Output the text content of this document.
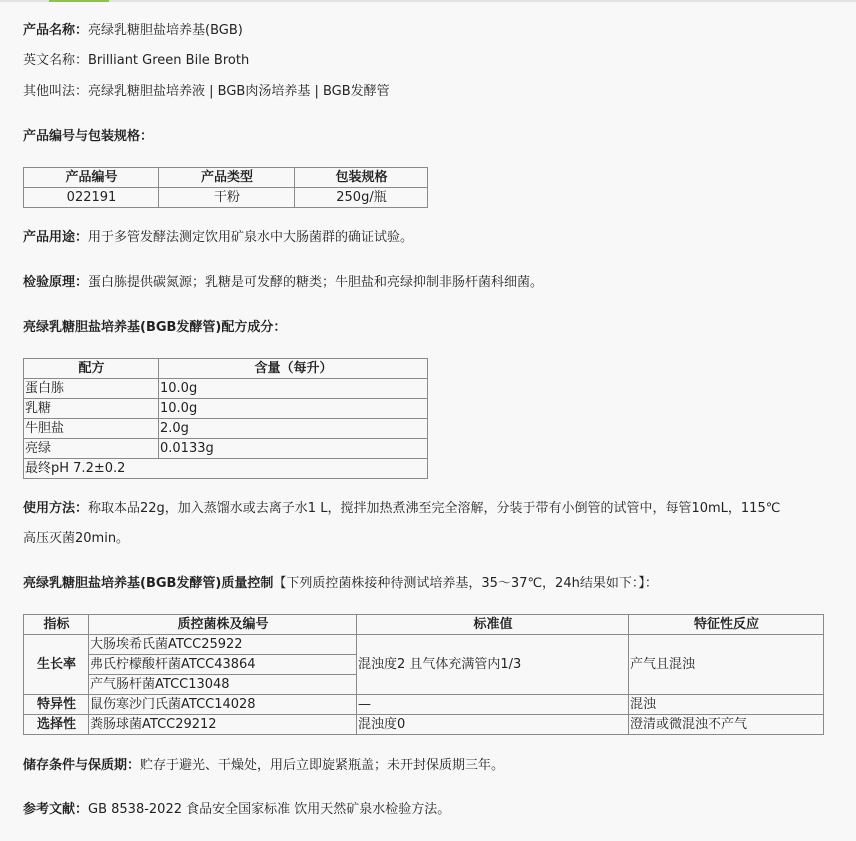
产品名称：亮绿乳糖胆盐培养基(BGB)
英文名称：Brilliant Green Bile Broth
其他叫法：亮绿乳糖胆盐培养液 | BGB肉汤培养基 | BGB发酵管
产品编号与包装规格：
产品编号	产品类型	包装规格
022191	干粉	250g/瓶
产品用途：用于多管发酵法测定饮用矿泉水中大肠菌群的确证试验。
检验原理：蛋白胨提供碳氮源；乳糖是可发酵的糖类；牛胆盐和亮绿抑制非肠杆菌科细菌。
亮绿乳糖胆盐培养基(BGB发酵管)配方成分：
配方	含量（每升）
蛋白胨	10.0g
乳糖	10.0g
牛胆盐	2.0g
亮绿	0.0133g
最终pH 7.2±0.2	
使用方法：称取本品22g，加入蒸馏水或去离子水1 L，搅拌加热煮沸至完全溶解，分装于带有小倒管的试管中，每管10mL，115℃
高压灭菌20min。
亮绿乳糖胆盐培养基(BGB发酵管)质量控制【下列质控菌株接种待测试培养基，35～37℃，24h结果如下：】：
指标	质控菌株及编号	标准值	特征性反应
生长率	大肠埃希氏菌ATCC25922	混浊度2 且气体充满管内1/3	产气且混浊
	弗氏柠檬酸杆菌ATCC43864		
	产气肠杆菌ATCC13048		
特异性	鼠伤寒沙门氏菌ATCC14028	—	混浊
选择性	粪肠球菌ATCC29212	混浊度0	澄清或微混浊不产气
储存条件与保质期：贮存于避光、干燥处，用后立即旋紧瓶盖；未开封保质期三年。
参考文献：GB 8538-2022 食品安全国家标准 饮用天然矿泉水检验方法。
